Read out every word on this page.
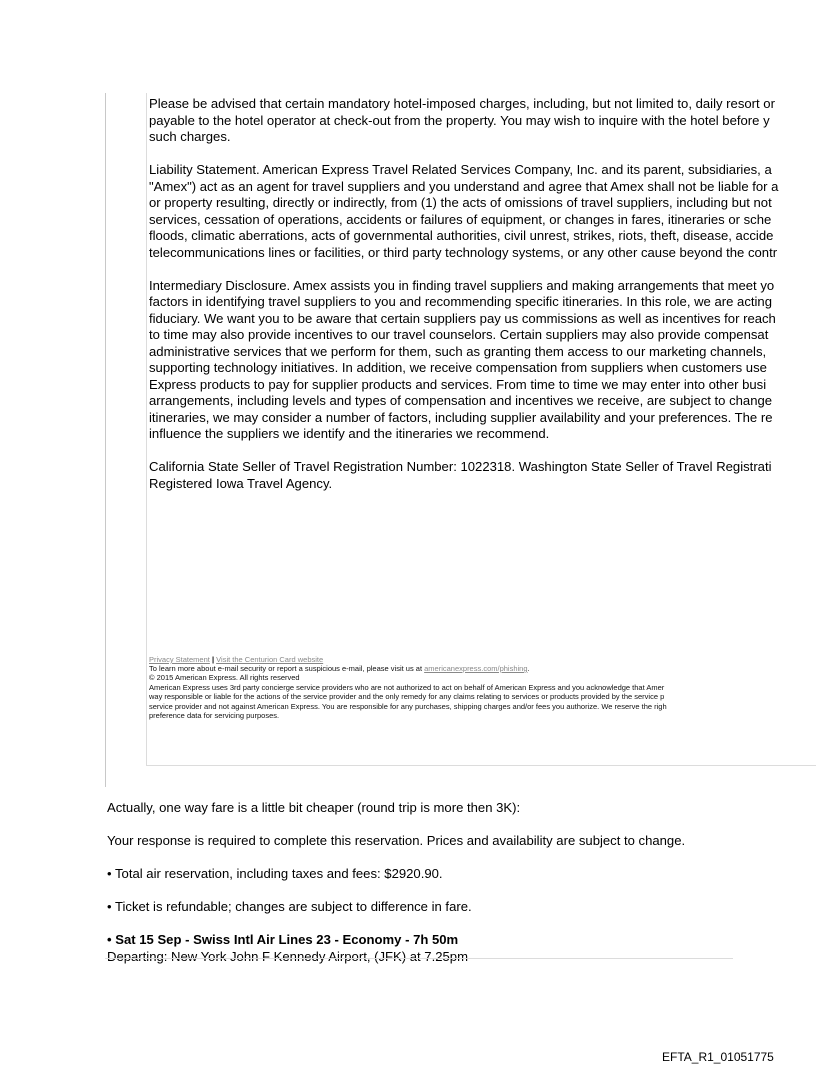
Please be advised that certain mandatory hotel-imposed charges, including, but not limited to, daily resort or
payable to the hotel operator at check-out from the property. You may wish to inquire with the hotel before y
such charges.
Liability Statement. American Express Travel Related Services Company, Inc. and its parent, subsidiaries, a
"Amex") act as an agent for travel suppliers and you understand and agree that Amex shall not be liable for a
or property resulting, directly or indirectly, from (1) the acts of omissions of travel suppliers, including but not
services, cessation of operations, accidents or failures of equipment, or changes in fares, itineraries or sche
floods, climatic aberrations, acts of governmental authorities, civil unrest, strikes, riots, theft, disease, accide
telecommunications lines or facilities, or third party technology systems, or any other cause beyond the contr
Intermediary Disclosure. Amex assists you in finding travel suppliers and making arrangements that meet yo
factors in identifying travel suppliers to you and recommending specific itineraries. In this role, we are acting
fiduciary. We want you to be aware that certain suppliers pay us commissions as well as incentives for reach
to time may also provide incentives to our travel counselors. Certain suppliers may also provide compensat
administrative services that we perform for them, such as granting them access to our marketing channels,
supporting technology initiatives. In addition, we receive compensation from suppliers when customers use
Express products to pay for supplier products and services. From time to time we may enter into other busi
arrangements, including levels and types of compensation and incentives we receive, are subject to change
itineraries, we may consider a number of factors, including supplier availability and your preferences. The re
influence the suppliers we identify and the itineraries we recommend.
California State Seller of Travel Registration Number: 1022318. Washington State Seller of Travel Registrati
Registered Iowa Travel Agency.
Privacy Statement | Visit the Centurion Card website
To learn more about e-mail security or report a suspicious e-mail, please visit us at americanexpress.com/phishing.
© 2015 American Express. All rights reserved
American Express uses 3rd party concierge service providers who are not authorized to act on behalf of American Express and you acknowledge that Amer
way responsible or liable for the actions of the service provider and the only remedy for any claims relating to services or products provided by the service p
service provider and not against American Express. You are responsible for any purchases, shipping charges and/or fees you authorize. We reserve the righ
preference data for servicing purposes.

Actually, one way fare is a little bit cheaper (round trip is more then 3K):

Your response is required to complete this reservation. Prices and availability are subject to change.

• Total air reservation, including taxes and fees: $2920.90.

• Ticket is refundable; changes are subject to difference in fare.

• Sat 15 Sep - Swiss Intl Air Lines 23 - Economy - 7h 50m

Departing: New York John F Kennedy Airport, (JFK) at 7.25pm

EFTA_R1_01051775
